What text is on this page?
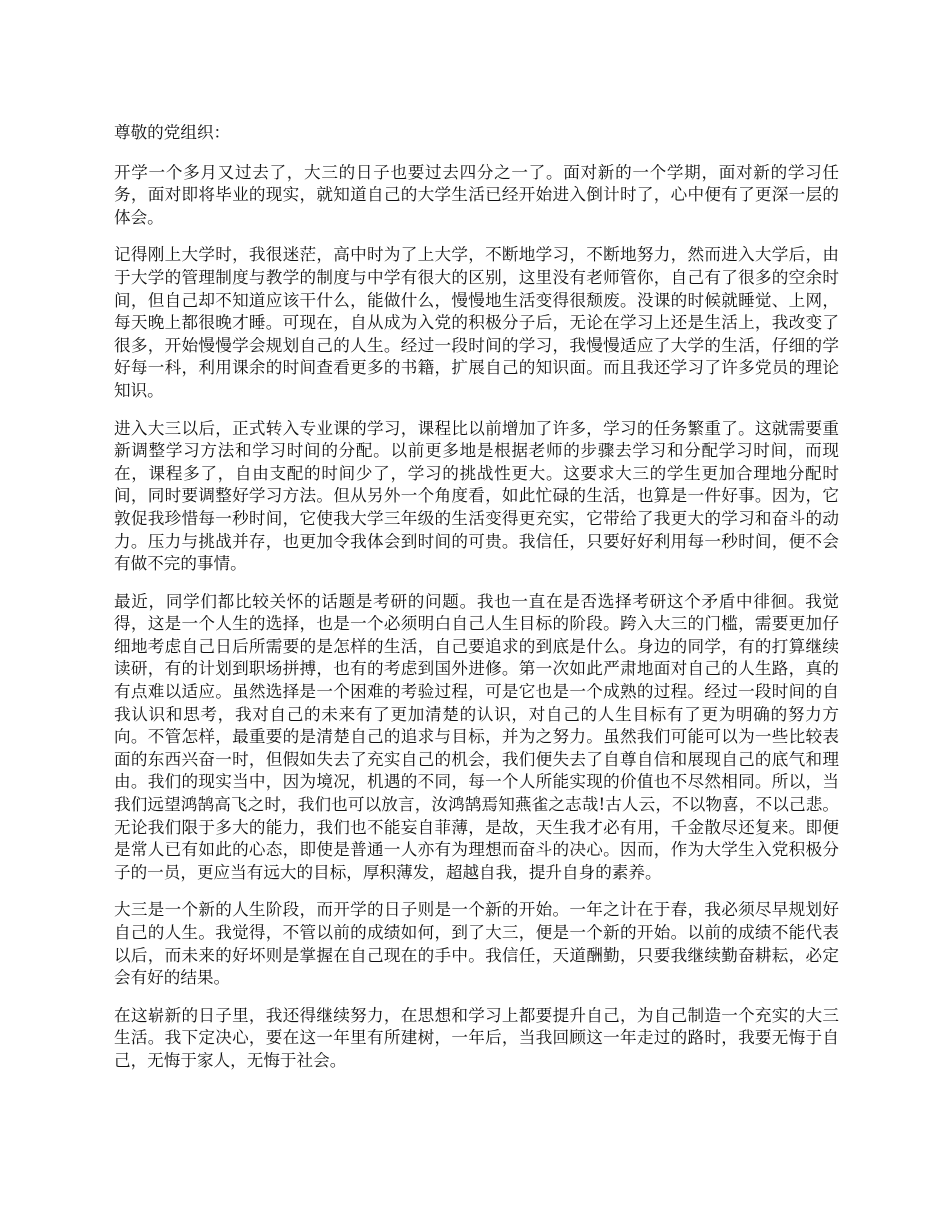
尊敬的党组织：

开学一个多月又过去了，大三的日子也要过去四分之一了。面对新的一个学期，面对新的学习任务，面对即将毕业的现实，就知道自己的大学生活已经开始进入倒计时了，心中便有了更深一层的体会。

记得刚上大学时，我很迷茫，高中时为了上大学，不断地学习，不断地努力，然而进入大学后，由于大学的管理制度与教学的制度与中学有很大的区别，这里没有老师管你，自己有了很多的空余时间，但自己却不知道应该干什么，能做什么，慢慢地生活变得很颓废。没课的时候就睡觉、上网，每天晚上都很晚才睡。可现在，自从成为入党的积极分子后，无论在学习上还是生活上，我改变了很多，开始慢慢学会规划自己的人生。经过一段时间的学习，我慢慢适应了大学的生活，仔细的学好每一科，利用课余的时间查看更多的书籍，扩展自己的知识面。而且我还学习了许多党员的理论知识。

进入大三以后，正式转入专业课的学习，课程比以前增加了许多，学习的任务繁重了。这就需要重新调整学习方法和学习时间的分配。以前更多地是根据老师的步骤去学习和分配学习时间，而现在，课程多了，自由支配的时间少了，学习的挑战性更大。这要求大三的学生更加合理地分配时间，同时要调整好学习方法。但从另外一个角度看，如此忙碌的生活，也算是一件好事。因为，它敦促我珍惜每一秒时间，它使我大学三年级的生活变得更充实，它带给了我更大的学习和奋斗的动力。压力与挑战并存，也更加令我体会到时间的可贵。我信任，只要好好利用每一秒时间，便不会有做不完的事情。

最近，同学们都比较关怀的话题是考研的问题。我也一直在是否选择考研这个矛盾中徘徊。我觉得，这是一个人生的选择，也是一个必须明白自己人生目标的阶段。跨入大三的门槛，需要更加仔细地考虑自己日后所需要的是怎样的生活，自己要追求的到底是什么。身边的同学，有的打算继续读研，有的计划到职场拼搏，也有的考虑到国外进修。第一次如此严肃地面对自己的人生路，真的有点难以适应。虽然选择是一个困难的考验过程，可是它也是一个成熟的过程。经过一段时间的自我认识和思考，我对自己的未来有了更加清楚的认识，对自己的人生目标有了更为明确的努力方向。不管怎样，最重要的是清楚自己的追求与目标，并为之努力。虽然我们可能可以为一些比较表面的东西兴奋一时，但假如失去了充实自己的机会，我们便失去了自尊自信和展现自己的底气和理由。我们的现实当中，因为境况，机遇的不同，每一个人所能实现的价值也不尽然相同。所以，当我们远望鸿鹄高飞之时，我们也可以放言，汝鸿鹄焉知燕雀之志哉!古人云，不以物喜，不以己悲。无论我们限于多大的能力，我们也不能妄自菲薄，是故，天生我才必有用，千金散尽还复来。即便是常人已有如此的心态，即使是普通一人亦有为理想而奋斗的决心。因而，作为大学生入党积极分子的一员，更应当有远大的目标，厚积薄发，超越自我，提升自身的素养。

大三是一个新的人生阶段，而开学的日子则是一个新的开始。一年之计在于春，我必须尽早规划好自己的人生。我觉得，不管以前的成绩如何，到了大三，便是一个新的开始。以前的成绩不能代表以后，而未来的好坏则是掌握在自己现在的手中。我信任，天道酬勤，只要我继续勤奋耕耘，必定会有好的结果。

在这崭新的日子里，我还得继续努力，在思想和学习上都要提升自己，为自己制造一个充实的大三生活。我下定决心，要在这一年里有所建树，一年后，当我回顾这一年走过的路时，我要无悔于自己，无悔于家人，无悔于社会。
